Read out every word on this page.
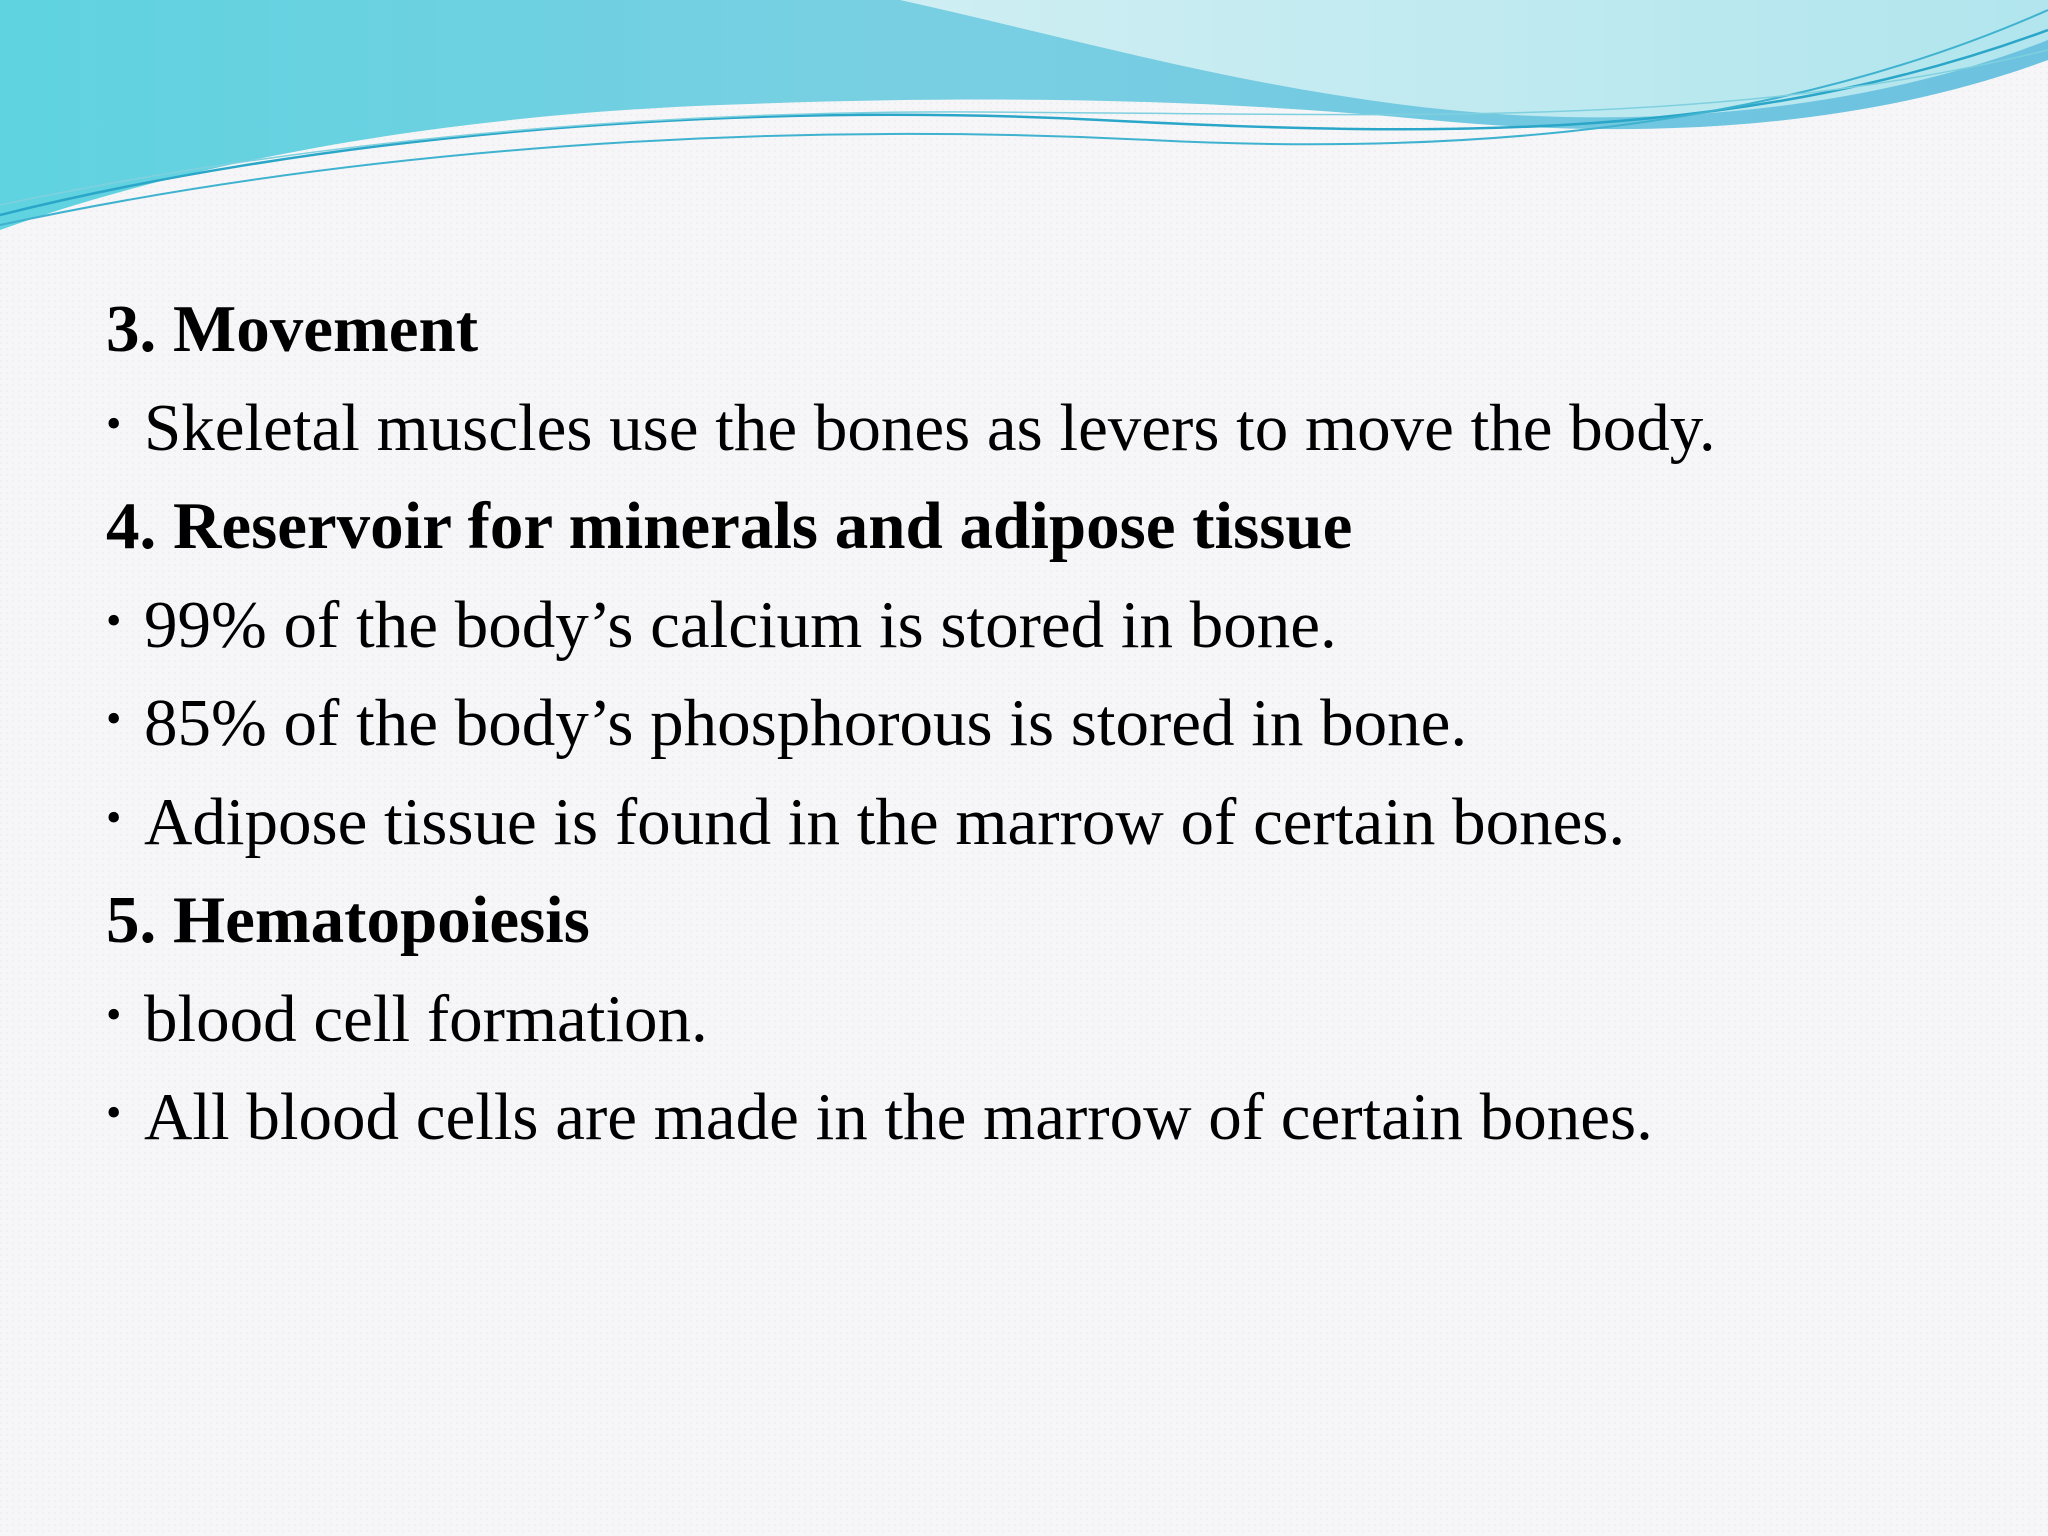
3. Movement
• Skeletal muscles use the bones as levers to move the body.
4. Reservoir for minerals and adipose tissue
• 99% of the body’s calcium is stored in bone.
• 85% of the body’s phosphorous is stored in bone.
• Adipose tissue is found in the marrow of certain bones.
5. Hematopoiesis
• blood cell formation.
• All blood cells are made in the marrow of certain bones.
